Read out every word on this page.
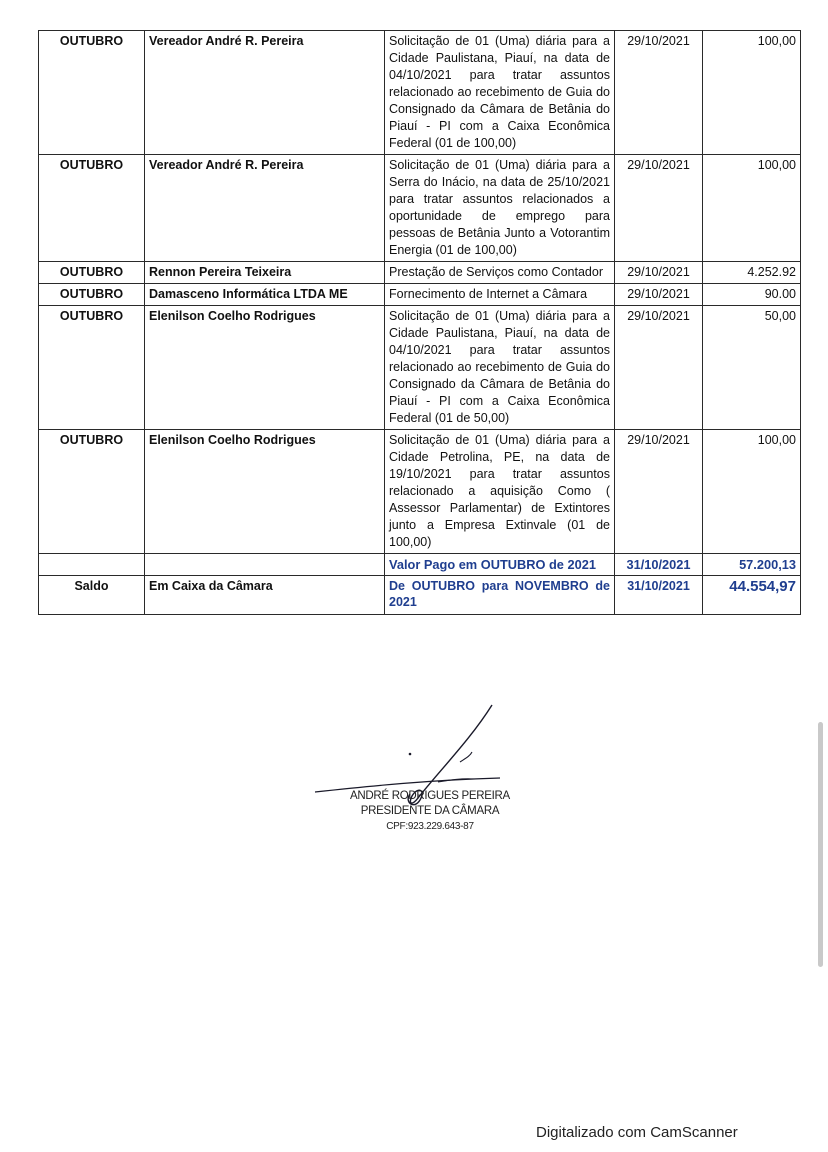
OUTUBRO	Vereador André R. Pereira	Solicitação de 01 (Uma) diária para a Cidade Paulistana, Piauí, na data de 04/10/2021 para tratar assuntos relacionado ao recebimento de Guia do Consignado da Câmara de Betânia do Piauí - PI com a Caixa Econômica Federal (01 de 100,00)	29/10/2021	100,00
OUTUBRO	Vereador André R. Pereira	Solicitação de 01 (Uma) diária para a Serra do Inácio, na data de 25/10/2021 para tratar assuntos relacionados a oportunidade de emprego para pessoas de Betânia Junto a Votorantim Energia (01 de 100,00)	29/10/2021	100,00
OUTUBRO	Rennon Pereira Teixeira	Prestação de Serviços como Contador	29/10/2021	4.252.92
OUTUBRO	Damasceno Informática LTDA ME	Fornecimento de Internet a Câmara	29/10/2021	90.00
OUTUBRO	Elenilson Coelho Rodrigues	Solicitação de 01 (Uma) diária para a Cidade Paulistana, Piauí, na data de 04/10/2021 para tratar assuntos relacionado ao recebimento de Guia do Consignado da Câmara de Betânia do Piauí - PI com a Caixa Econômica Federal (01 de 50,00)	29/10/2021	50,00
OUTUBRO	Elenilson Coelho Rodrigues	Solicitação de 01 (Uma) diária para a Cidade Petrolina, PE, na data de 19/10/2021 para tratar assuntos relacionado a aquisição Como ( Assessor Parlamentar) de Extintores junto a Empresa Extinvale (01 de 100,00)	29/10/2021	100,00
		Valor Pago em OUTUBRO de 2021	31/10/2021	57.200,13
Saldo	Em Caixa da Câmara	De OUTUBRO para NOVEMBRO de 2021	31/10/2021	44.554,97
ANDRÉ RODRIGUES PEREIRA
PRESIDENTE DA CÂMARA
CPF:923.229.643-87
Digitalizado com CamScanner
